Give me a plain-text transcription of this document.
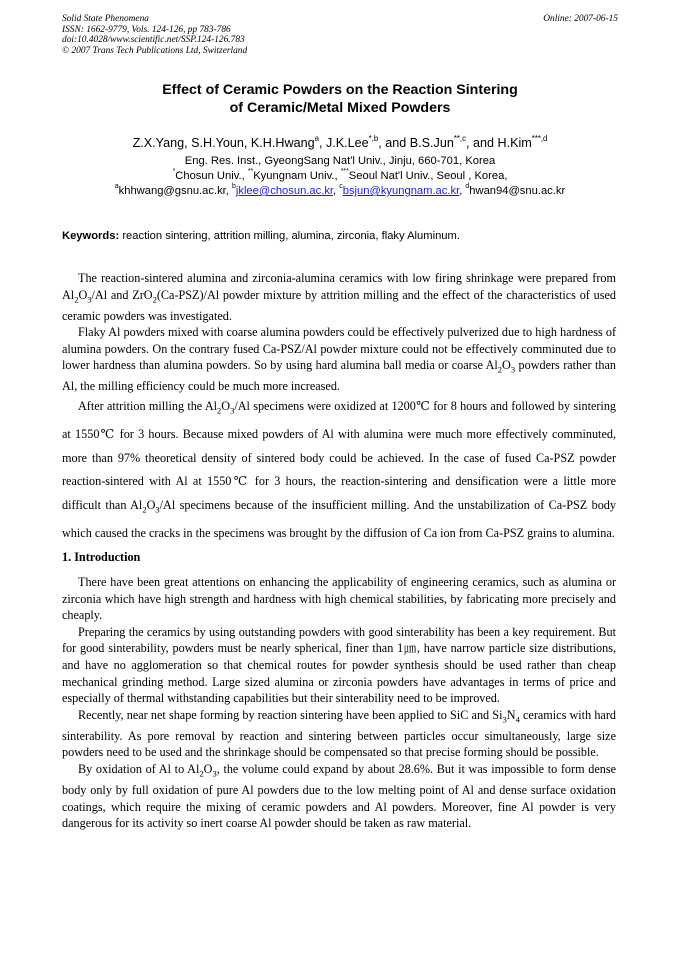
Solid State Phenomena
ISSN: 1662-9779, Vols. 124-126, pp 783-786
doi:10.4028/www.scientific.net/SSP.124-126.783
© 2007 Trans Tech Publications Ltd, Switzerland
Online: 2007-06-15
Effect of Ceramic Powders on the Reaction Sintering
of Ceramic/Metal Mixed Powders
Z.X.Yang, S.H.Youn, K.H.Hwang$^a$, J.K.Lee$^{*,b}$, and B.S.Jun$^{**,c}$, and H.Kim$^{***,d}$
Eng. Res. Inst., GyeongSang Nat'l Univ., Jinju, 660-701, Korea
*Chosun Univ., **Kyungnam Univ., ***Seoul Nat'l Univ., Seoul , Korea,
$^a$khhwang@gsnu.ac.kr, $^b$jklee@chosun.ac.kr, $^c$bsjun@kyungnam.ac.kr, $^d$hwan94@snu.ac.kr
Keywords: reaction sintering, attrition milling, alumina, zirconia, flaky Aluminum.

The reaction-sintered alumina and zirconia-alumina ceramics with low firing shrinkage were prepared from $Al_2O_3/Al$ and ZrO$_2$(Ca-PSZ)/Al powder mixture by attrition milling and the effect of the characteristics of used ceramic powders was investigated.

Flaky Al powders mixed with coarse alumina powders could be effectively pulverized due to high hardness of alumina powders. On the contrary fused Ca-PSZ/Al powder mixture could not be effectively comminuted due to lower hardness than alumina powders. So by using hard alumina ball media or coarse $Al_2O_3$ powders rather than Al, the milling efficiency could be much more increased.

After attrition milling the $Al_2O_3/Al$ specimens were oxidized at 1200℃ for 8 hours and followed by sintering at 1550℃ for 3 hours. Because mixed powders of Al with alumina were much more effectively comminuted, more than 97% theoretical density of sintered body could be achieved. In the case of fused Ca-PSZ powder reaction-sintered with Al at 1550℃ for 3 hours, the reaction-sintering and densification were a little more difficult than $Al_2O_3/Al$ specimens because of the insufficient milling. And the unstabilization of Ca-PSZ body which caused the cracks in the specimens was brought by the diffusion of Ca ion from Ca-PSZ grains to alumina.

1. Introduction

There have been great attentions on enhancing the applicability of engineering ceramics, such as alumina or zirconia which have high strength and hardness with high chemical stabilities, by fabricating more precisely and cheaply.

Preparing the ceramics by using outstanding powders with good sinterability has been a key requirement. But for good sinterability, powders must be nearly spherical, finer than 1㎛, have narrow particle size distributions, and have no agglomeration so that chemical routes for powder synthesis should be used rather than cheap mechanical grinding method. Large sized alumina or zirconia powders have advantages in terms of price and especially of thermal withstanding capabilities but their sinterability need to be improved.

Recently, near net shape forming by reaction sintering have been applied to SiC and $Si_3N_4$ ceramics with hard sinterability. As pore removal by reaction and sintering between particles occur simultaneously, large size powders need to be used and the shrinkage should be compensated so that precise forming should be possible.

By oxidation of Al to $Al_2O_3$, the volume could expand by about 28.6%. But it was impossible to form dense body only by full oxidation of pure Al powders due to the low melting point of Al and dense surface oxidation coatings, which require the mixing of ceramic powders and Al powders. Moreover, fine Al powder is very dangerous for its activity so inert coarse Al powder should be taken as raw material.
